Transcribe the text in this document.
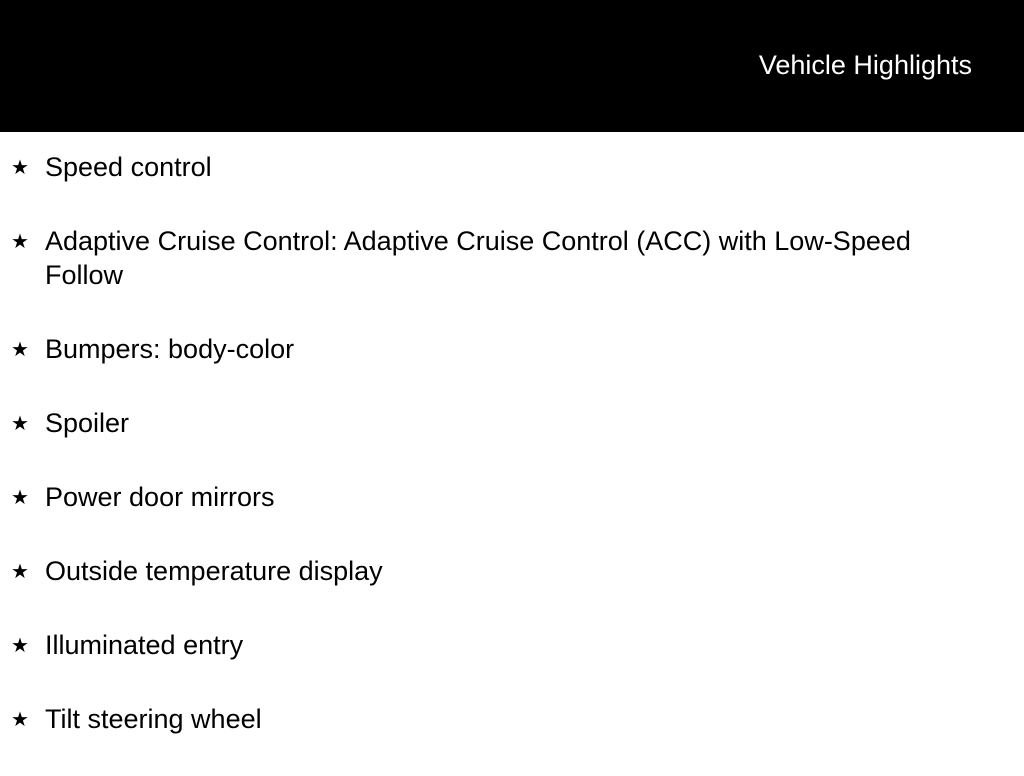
Vehicle Highlights
★ Speed control
★ Adaptive Cruise Control: Adaptive Cruise Control (ACC) with Low-Speed Follow
★ Bumpers: body-color
★ Spoiler
★ Power door mirrors
★ Outside temperature display
★ Illuminated entry
★ Tilt steering wheel
